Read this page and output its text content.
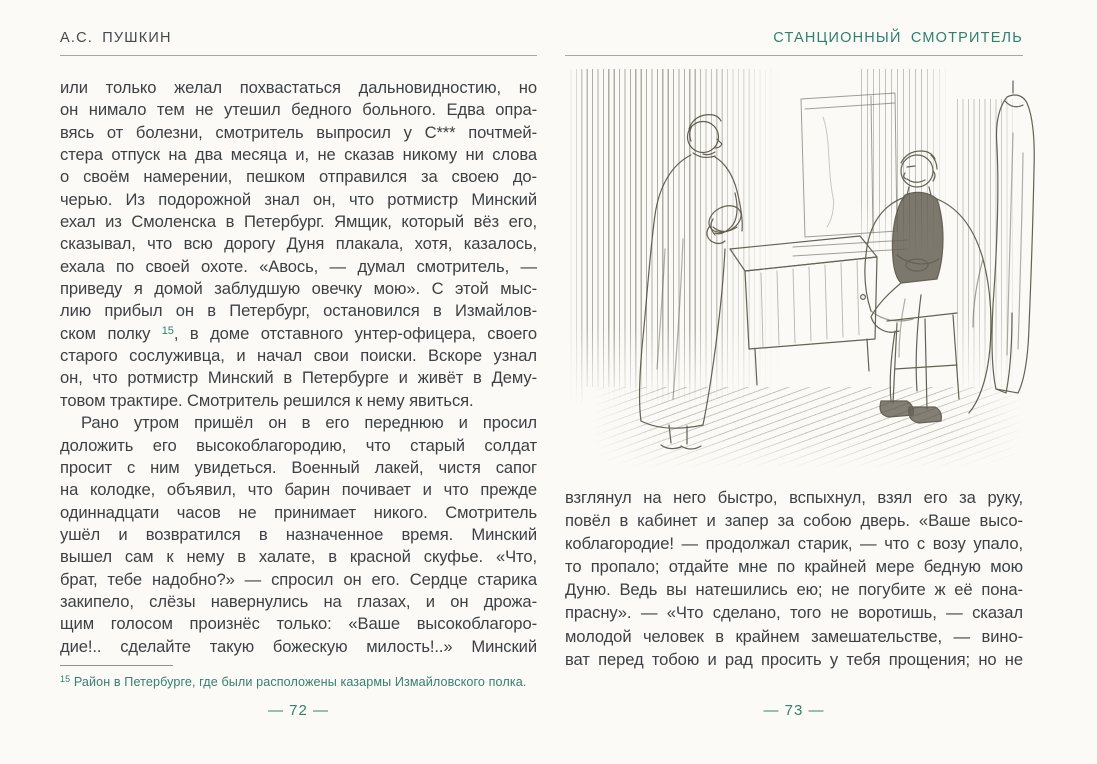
А.С. ПУШКИН
или только желал похвастаться дальновидностию, но
он нимало тем не утешил бедного больного. Едва опра-
вясь от болезни, смотритель выпросил у С*** почтмей-
стера отпуск на два месяца и, не сказав никому ни слова
о своём намерении, пешком отправился за своею до-
черью. Из подорожной знал он, что ротмистр Минский
ехал из Смоленска в Петербург. Ямщик, который вёз его,
сказывал, что всю дорогу Дуня плакала, хотя, казалось,
ехала по своей охоте. «Авось, — думал смотритель, —
приведу я домой заблудшую овечку мою». С этой мыс-
лию прибыл он в Петербург, остановился в Измайлов-
ском полку $^{15}$, в доме отставного унтер-офицера, своего
старого сослуживца, и начал свои поиски. Вскоре узнал
он, что ротмистр Минский в Петербурге и живёт в Дему-
товом трактире. Смотритель решился к нему явиться.
Рано утром пришёл он в его переднюю и просил
доложить его высокоблагородию, что старый солдат
просит с ним увидеться. Военный лакей, чистя сапог
на колодке, объявил, что барин почивает и что прежде
одиннадцати часов не принимает никого. Смотритель
ушёл и возвратился в назначенное время. Минский
вышел сам к нему в халате, в красной скуфье. «Что,
брат, тебе надобно?» — спросил он его. Сердце старика
закипело, слёзы навернулись на глазах, и он дрожа-
щим голосом произнёс только: «Ваше высокоблагоро-
дие!.. сделайте такую божескую милость!..» Минский
$^{15}$ Район в Петербурге, где были расположены казармы Измайловского полка.
— 72 —
СТАНЦИОННЫЙ СМОТРИТЕЛЬ
взглянул на него быстро, вспыхнул, взял его за руку,
повёл в кабинет и запер за собою дверь. «Ваше высо-
коблагородие! — продолжал старик, — что с возу упало,
то пропало; отдайте мне по крайней мере бедную мою
Дуню. Ведь вы натешились ею; не погубите ж её пона-
прасну». — «Что сделано, того не воротишь, — сказал
молодой человек в крайнем замешательстве, — вино-
ват перед тобою и рад просить у тебя прощения; но не
— 73 —
